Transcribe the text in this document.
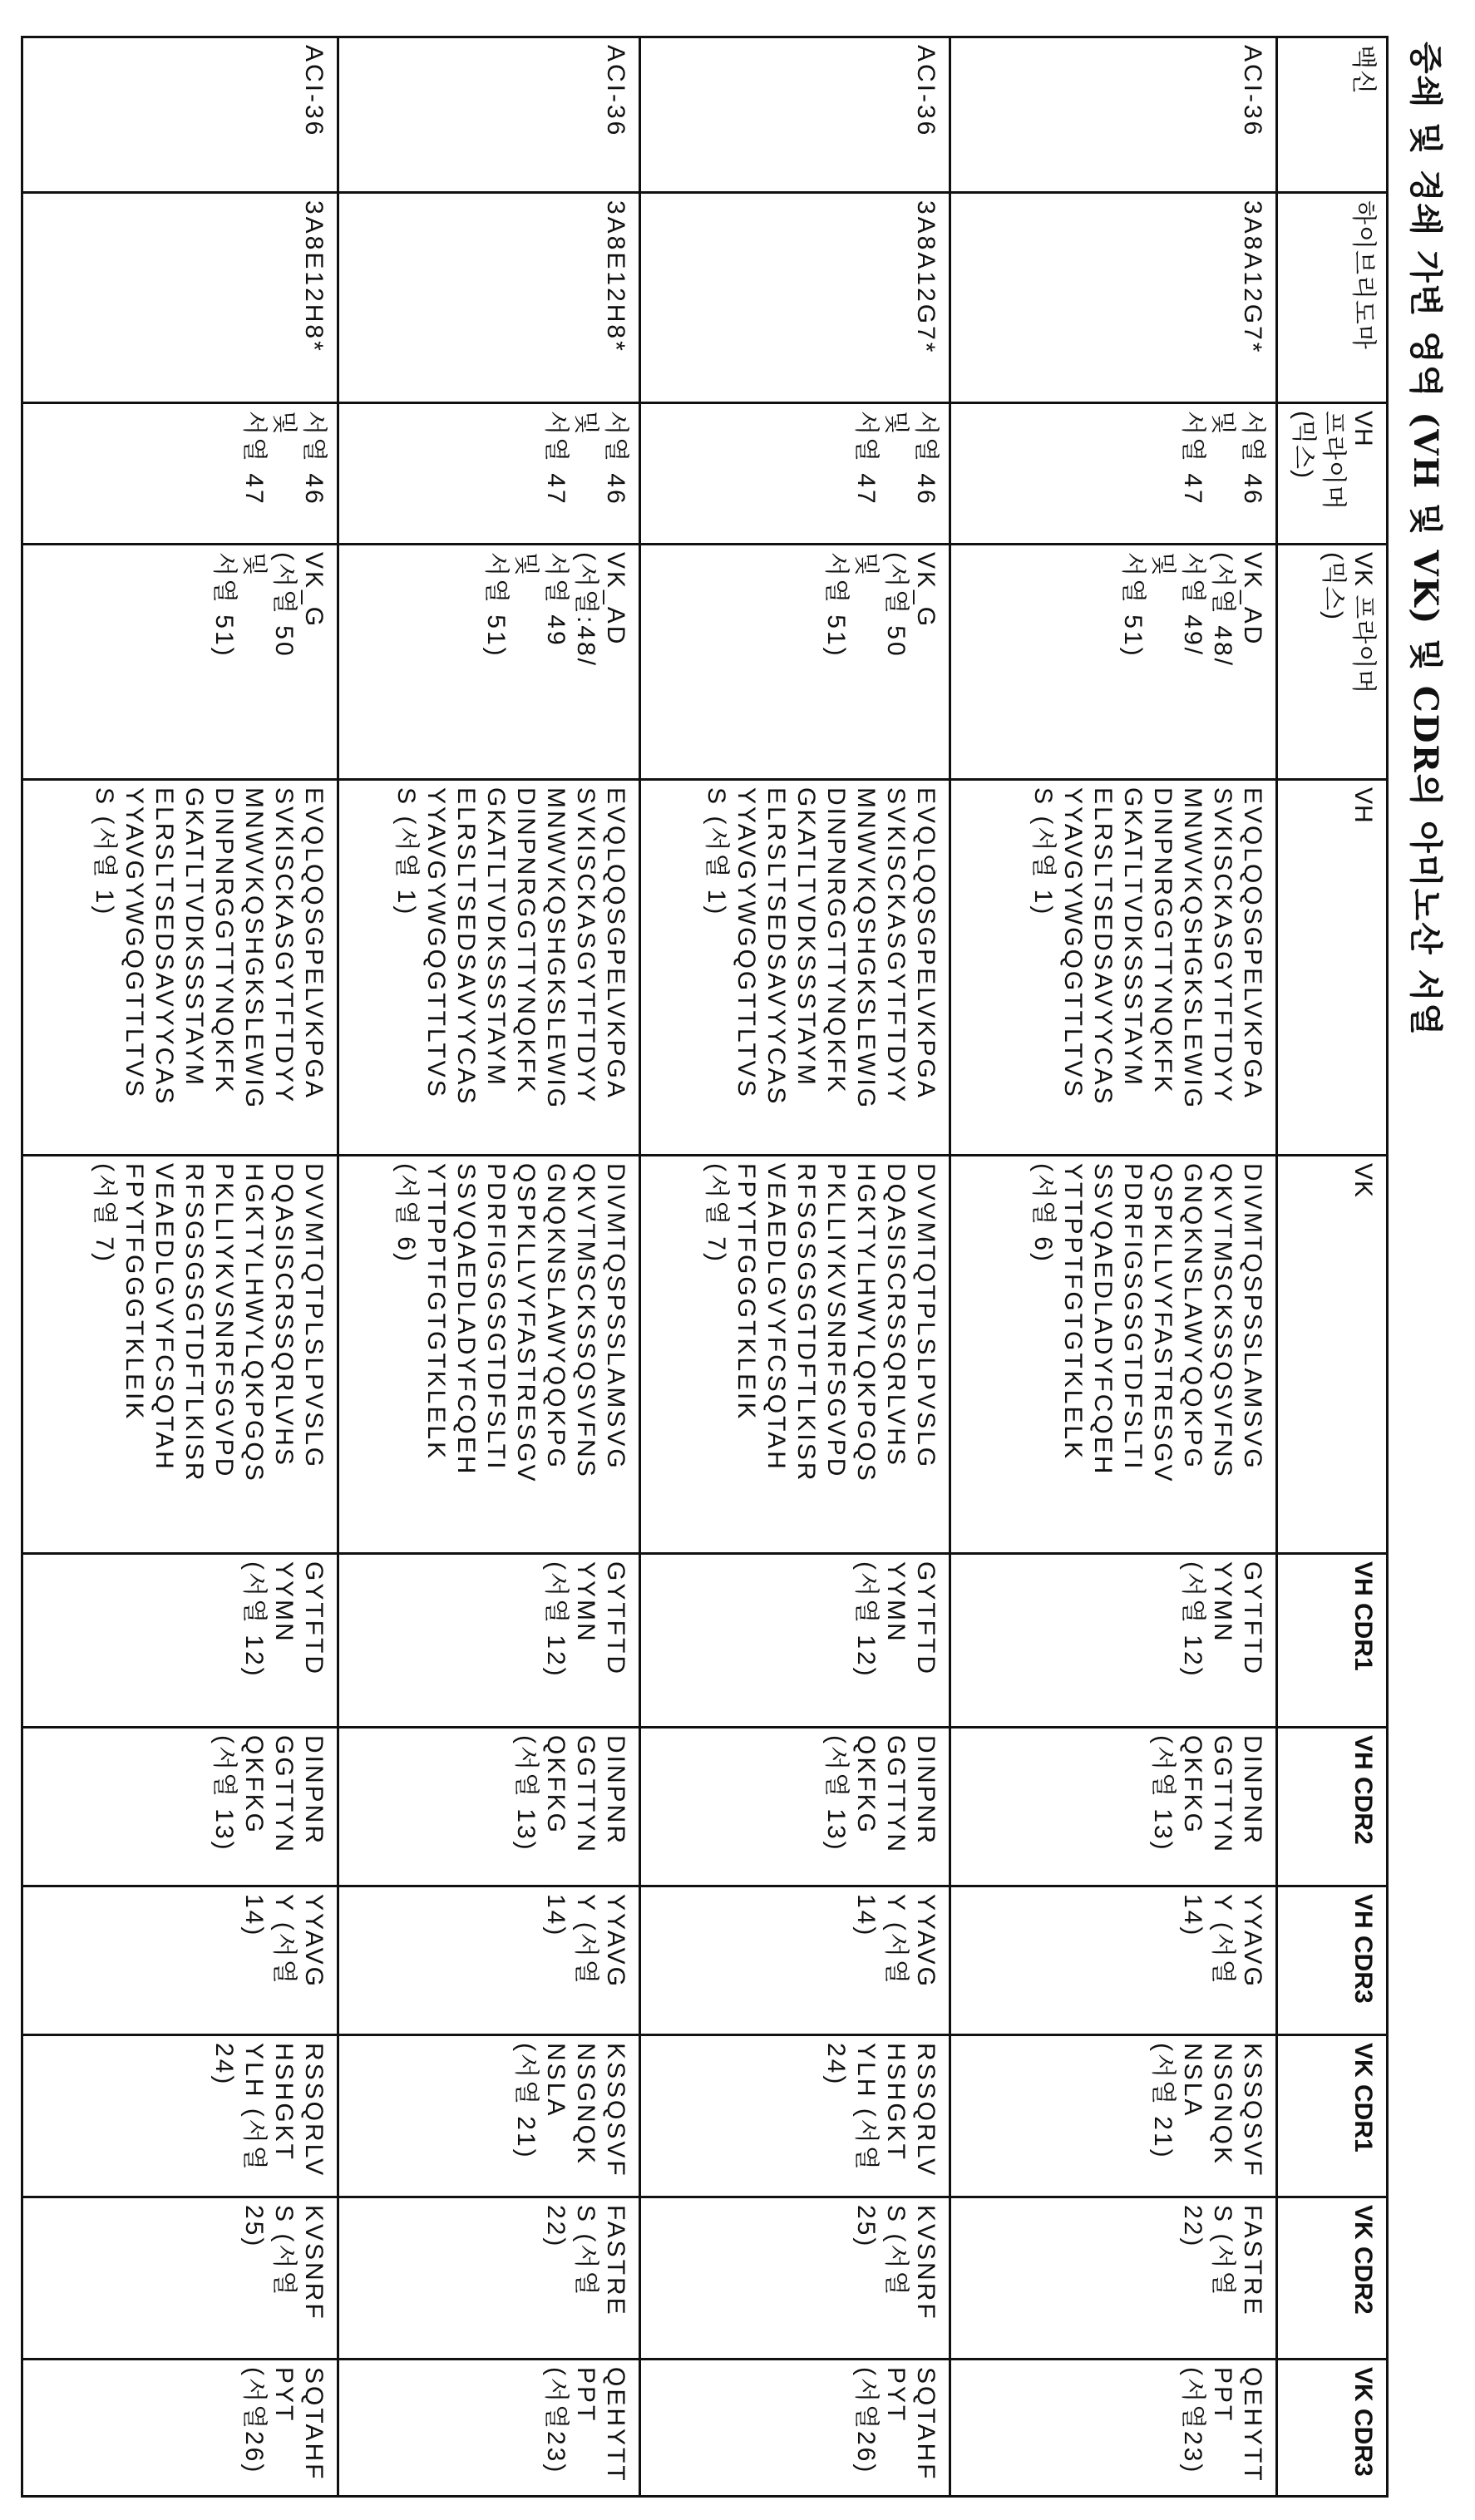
중쇄 및 경쇄 가변 영역 (VH 및 VK) 및 CDR의 아미노산 서열
백신	하이브리도마	VH
프라이머
(믹스)	VK 프라이머
(믹스)	VH	VK	VH CDR1	VH CDR2	VH CDR3	VK CDR1	VK CDR2	VK CDR3
ACI-36	3A8A12G7*	서열 46
및
서열 47	VK_AD
(서열 48/
서열 49/
및
서열 51)	EVQLQQSGPELVKPGA
SVKISCKASGYTFTDYY
MNWVKQSHGKSLEWIG
DINPNRGGTTYNQKFK
GKATLTVDKSSSTAYM
ELRSLTSEDSAVYYCAS
YYAVGYWGQGTTLTVS
S (서열 1)	DIVMTQSPSSLAMSVG
QKVTMSCKSSQSVFNS
GNQKNSLAWYQQKPG
QSPKLLVYFASTRESGV
PDRFIGSGSGTDFSLTI
SSVQAEDLADYFCQEH
YTTPPTFGTGTKLELK
(서열 6)	GYTFTD
YYMN
(서열 12)	DINPNR
GGTTYN
QKFKG
(서열 13)	YYAVG
Y (서열
14)	KSSQSVF
NSGNQK
NSLA
(서열 21)	FASTRE
S (서열
22)	QEHYTT
PPT
(서열23)
ACI-36	3A8A12G7*	서열 46
및
서열 47	VK_G
(서열 50
및
서열 51)	EVQLQQSGPELVKPGA
SVKISCKASGYTFTDYY
MNWVKQSHGKSLEWIG
DINPNRGGTTYNQKFK
GKATLTVDKSSSTAYM
ELRSLTSEDSAVYYCAS
YYAVGYWGQGTTLTVS
S (서열 1)	DVVMTQTPLSLPVSLG
DQASISCRSSQRLVHS
HGKTYLHWYLQKPGQS
PKLLIYKVSNRFSGVPD
RFSGSGSGTDFTLKISR
VEAEDLGVYFCSQTAH
FPYTFGGGTKLEIK
(서열 7)	GYTFTD
YYMN
(서열 12)	DINPNR
GGTTYN
QKFKG
(서열 13)	YYAVG
Y (서열
14)	RSSQRLV
HSHGKT
YLH (서열
24)	KVSNRF
S (서열
25)	SQTAHF
PYT
(서열26)
ACI-36	3A8E12H8*	서열 46
및
서열 47	VK_AD
(서열:48/
서열 49
및
서열 51)	EVQLQQSGPELVKPGA
SVKISCKASGYTFTDYY
MNWVKQSHGKSLEWIG
DINPNRGGTTYNQKFK
GKATLTVDKSSSTAYM
ELRSLTSEDSAVYYCAS
YYAVGYWGQGTTLTVS
S (서열 1)	DIVMTQSPSSLAMSVG
QKVTMSCKSSQSVFNS
GNQKNSLAWYQQKPG
QSPKLLVYFASTRESGV
PDRFIGSGSGTDFSLTI
SSVQAEDLADYFCQEH
YTTPPTFGTGTKLELK
(서열 6)	GYTFTD
YYMN
(서열 12)	DINPNR
GGTTYN
QKFKG
(서열 13)	YYAVG
Y (서열
14)	KSSQSVF
NSGNQK
NSLA
(서열 21)	FASTRE
S (서열
22)	QEHYTT
PPT
(서열23)
ACI-36	3A8E12H8*	서열 46
및
서열 47	VK_G
(서열 50
및
서열 51)	EVQLQQSGPELVKPGA
SVKISCKASGYTFTDYY
MNWVKQSHGKSLEWIG
DINPNRGGTTYNQKFK
GKATLTVDKSSSTAYM
ELRSLTSEDSAVYYCAS
YYAVGYWGQGTTLTVS
S (서열 1)	DVVMTQTPLSLPVSLG
DQASISCRSSQRLVHS
HGKTYLHWYLQKPGQS
PKLLIYKVSNRFSGVPD
RFSGSGSGTDFTLKISR
VEAEDLGVYFCSQTAH
FPYTFGGGTKLEIK
(서열 7)	GYTFTD
YYMN
(서열 12)	DINPNR
GGTTYN
QKFKG
(서열 13)	YYAVG
Y (서열
14)	RSSQRLV
HSHGKT
YLH (서열
24)	KVSNRF
S (서열
25)	SQTAHF
PYT
(서열26)
